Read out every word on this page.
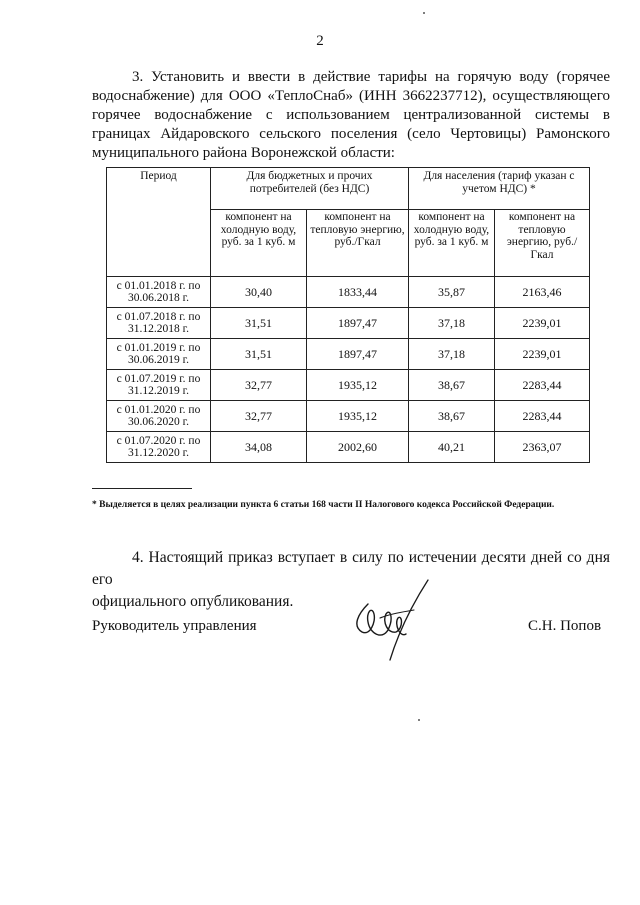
2
3. Установить и ввести в действие тарифы на горячую воду (горячее
водоснабжение) для ООО «ТеплоСнаб» (ИНН 3662237712), осуществляющего
горячее водоснабжение с использованием централизованной системы в
границах Айдаровского сельского поселения (село Чертовицы) Рамонского
муниципального района Воронежской области:
Период	Для бюджетных и прочих потребителей (без НДС)		Для населения (тариф указан с учетом НДС) *	
	компонент на холодную воду, руб. за 1 куб. м	компонент на тепловую энергию, руб./Гкал	компонент на холодную воду, руб. за 1 куб. м	компонент на тепловую энергию, руб./Гкал
с 01.01.2018 г. по 30.06.2018 г.	30,40	1833,44	35,87	2163,46
с 01.07.2018 г. по 31.12.2018 г.	31,51	1897,47	37,18	2239,01
с 01.01.2019 г. по 30.06.2019 г.	31,51	1897,47	37,18	2239,01
с 01.07.2019 г. по 31.12.2019 г.	32,77	1935,12	38,67	2283,44
с 01.01.2020 г. по 30.06.2020 г.	32,77	1935,12	38,67	2283,44
с 01.07.2020 г. по 31.12.2020 г.	34,08	2002,60	40,21	2363,07
* Выделяется в целях реализации пункта 6 статьи 168 части II Налогового кодекса Российской Федерации.
4. Настоящий приказ вступает в силу по истечении десяти дней со дня его
официального опубликования.
Руководитель управления	С.Н. Попов
